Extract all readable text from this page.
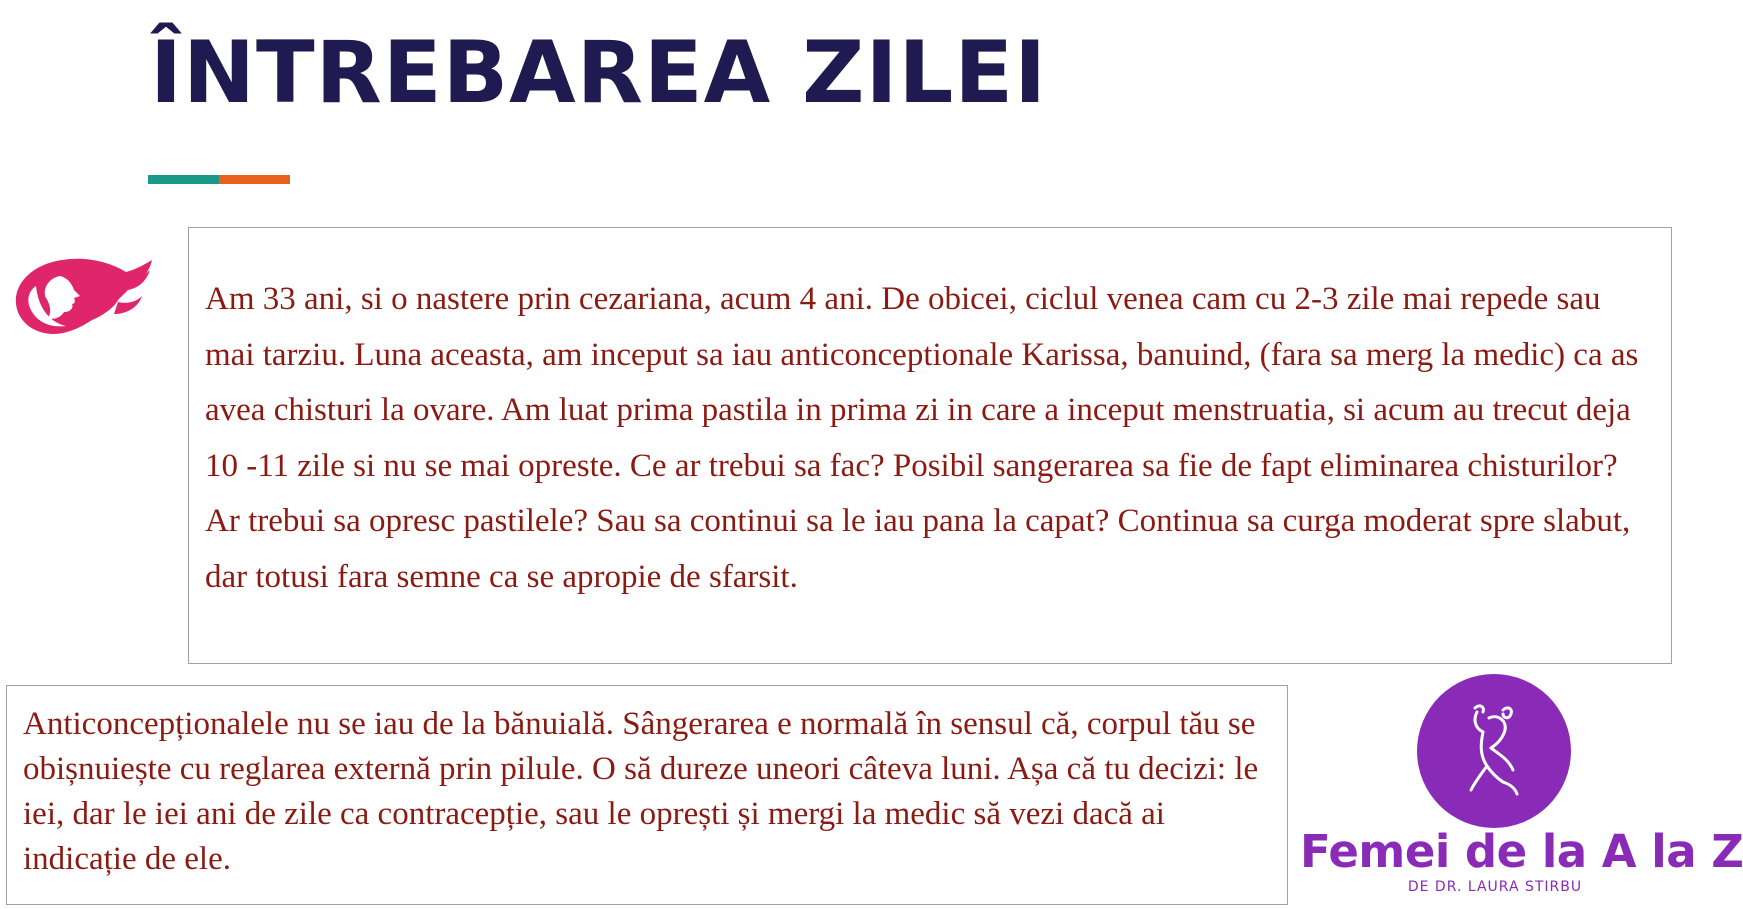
ÎNTREBAREA ZILEI

Am 33 ani, si o nastere prin cezariana, acum 4 ani. De obicei, ciclul venea cam cu 2-3 zile mai repede sau mai tarziu. Luna aceasta, am inceput sa iau anticonceptionale Karissa, banuind, (fara sa merg la medic) ca as avea chisturi la ovare. Am luat prima pastila in prima zi in care a inceput menstruatia, si acum au trecut deja 10 -11 zile si nu se mai opreste. Ce ar trebui sa fac? Posibil sangerarea sa fie de fapt eliminarea chisturilor? Ar trebui sa opresc pastilele? Sau sa continui sa le iau pana la capat? Continua sa curga moderat spre slabut, dar totusi fara semne ca se apropie de sfarsit.

Anticoncepționalele nu se iau de la bănuială. Sângerarea e normală în sensul că, corpul tău se obișnuiește cu reglarea externă prin pilule. O să dureze uneori câteva luni. Așa că tu decizi: le iei, dar le iei ani de zile ca contracepție, sau le oprești și mergi la medic să vezi dacă ai indicație de ele.	Femei de la A la Z
DE DR. LAURA STIRBU
